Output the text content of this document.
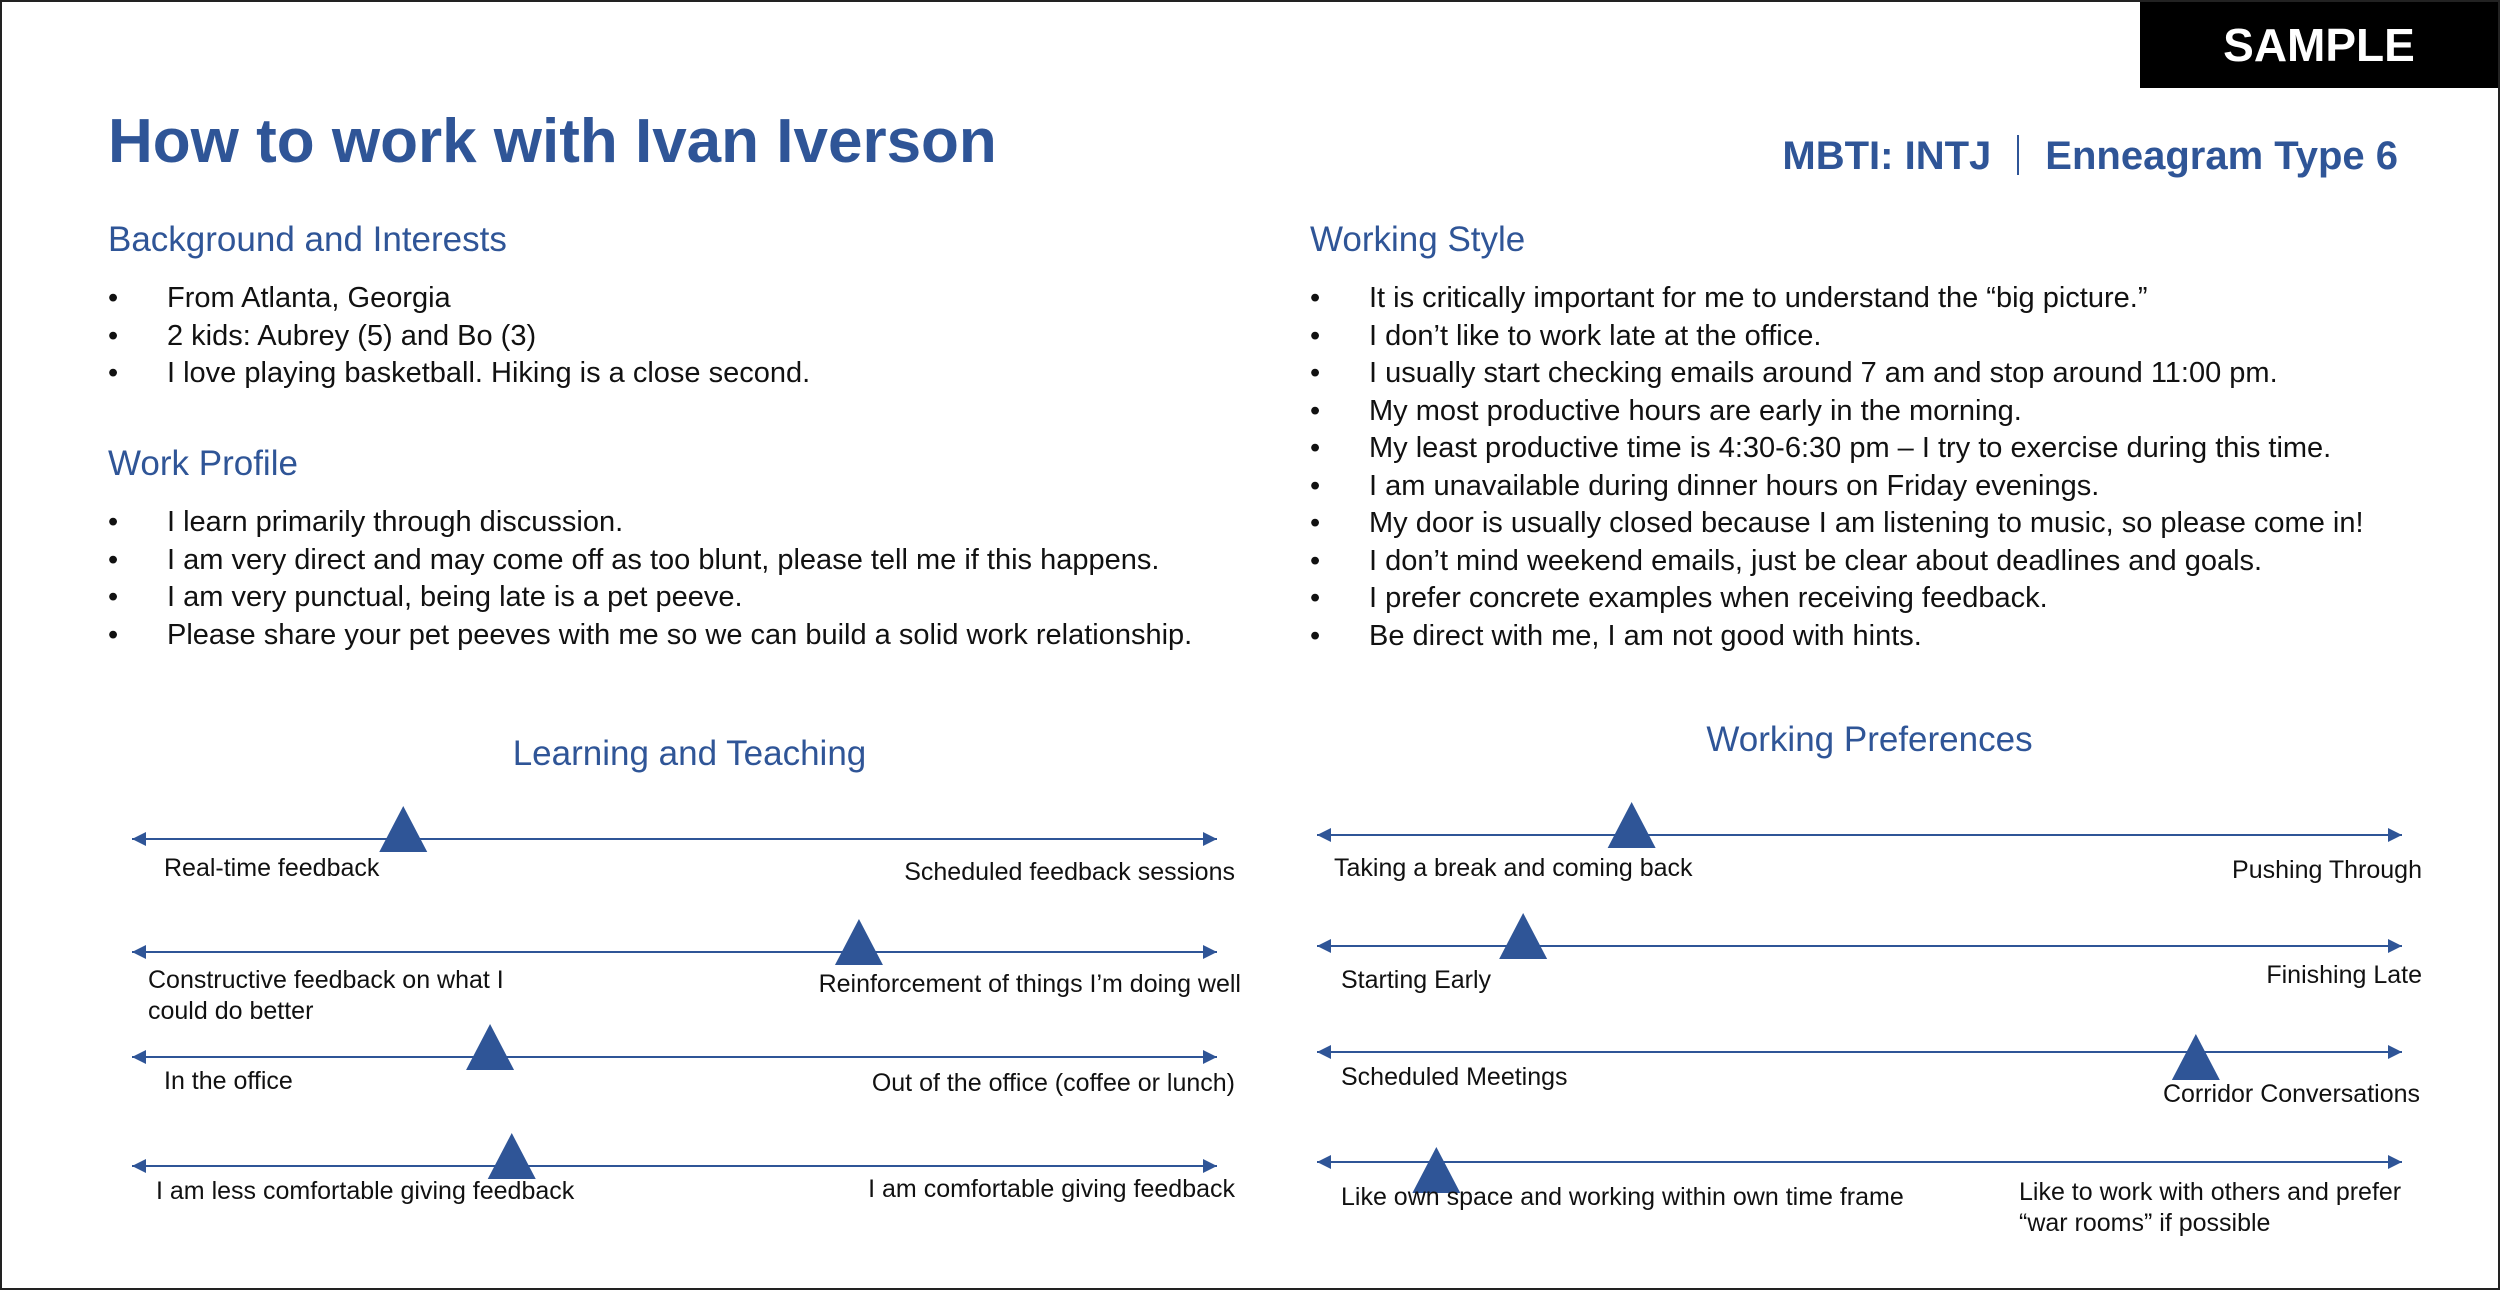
SAMPLE
How to work with Ivan Iverson	MBTI: INTJ Enneagram Type 6
Background and Interests
• From Atlanta, Georgia
• 2 kids: Aubrey (5) and Bo (3)
• I love playing basketball. Hiking is a close second.
Work Profile
• I learn primarily through discussion.
• I am very direct and may come off as too blunt, please tell me if this happens.
• I am very punctual, being late is a pet peeve.
• Please share your pet peeves with me so we can build a solid work relationship.
Working Style
• It is critically important for me to understand the “big picture.”
• I don’t like to work late at the office.
• I usually start checking emails around 7 am and stop around 11:00 pm.
• My most productive hours are early in the morning.
• My least productive time is 4:30-6:30 pm – I try to exercise during this time.
• I am unavailable during dinner hours on Friday evenings.
• My door is usually closed because I am listening to music, so please come in!
• I don’t mind weekend emails, just be clear about deadlines and goals.
• I prefer concrete examples when receiving feedback.
• Be direct with me, I am not good with hints.
Learning and Teaching
Real-time feedback	Scheduled feedback sessions
Constructive feedback on what I could do better
Reinforcement of things I’m doing well
In the office	Out of the office (coffee or lunch)
I am less comfortable giving feedback	I am comfortable giving feedback
Working Preferences
Taking a break and coming back	Pushing Through
Starting Early	Finishing Late
Scheduled Meetings
Corridor Conversations
Like own space and working within own time frame	Like to work with others and prefer “war rooms” if possible
